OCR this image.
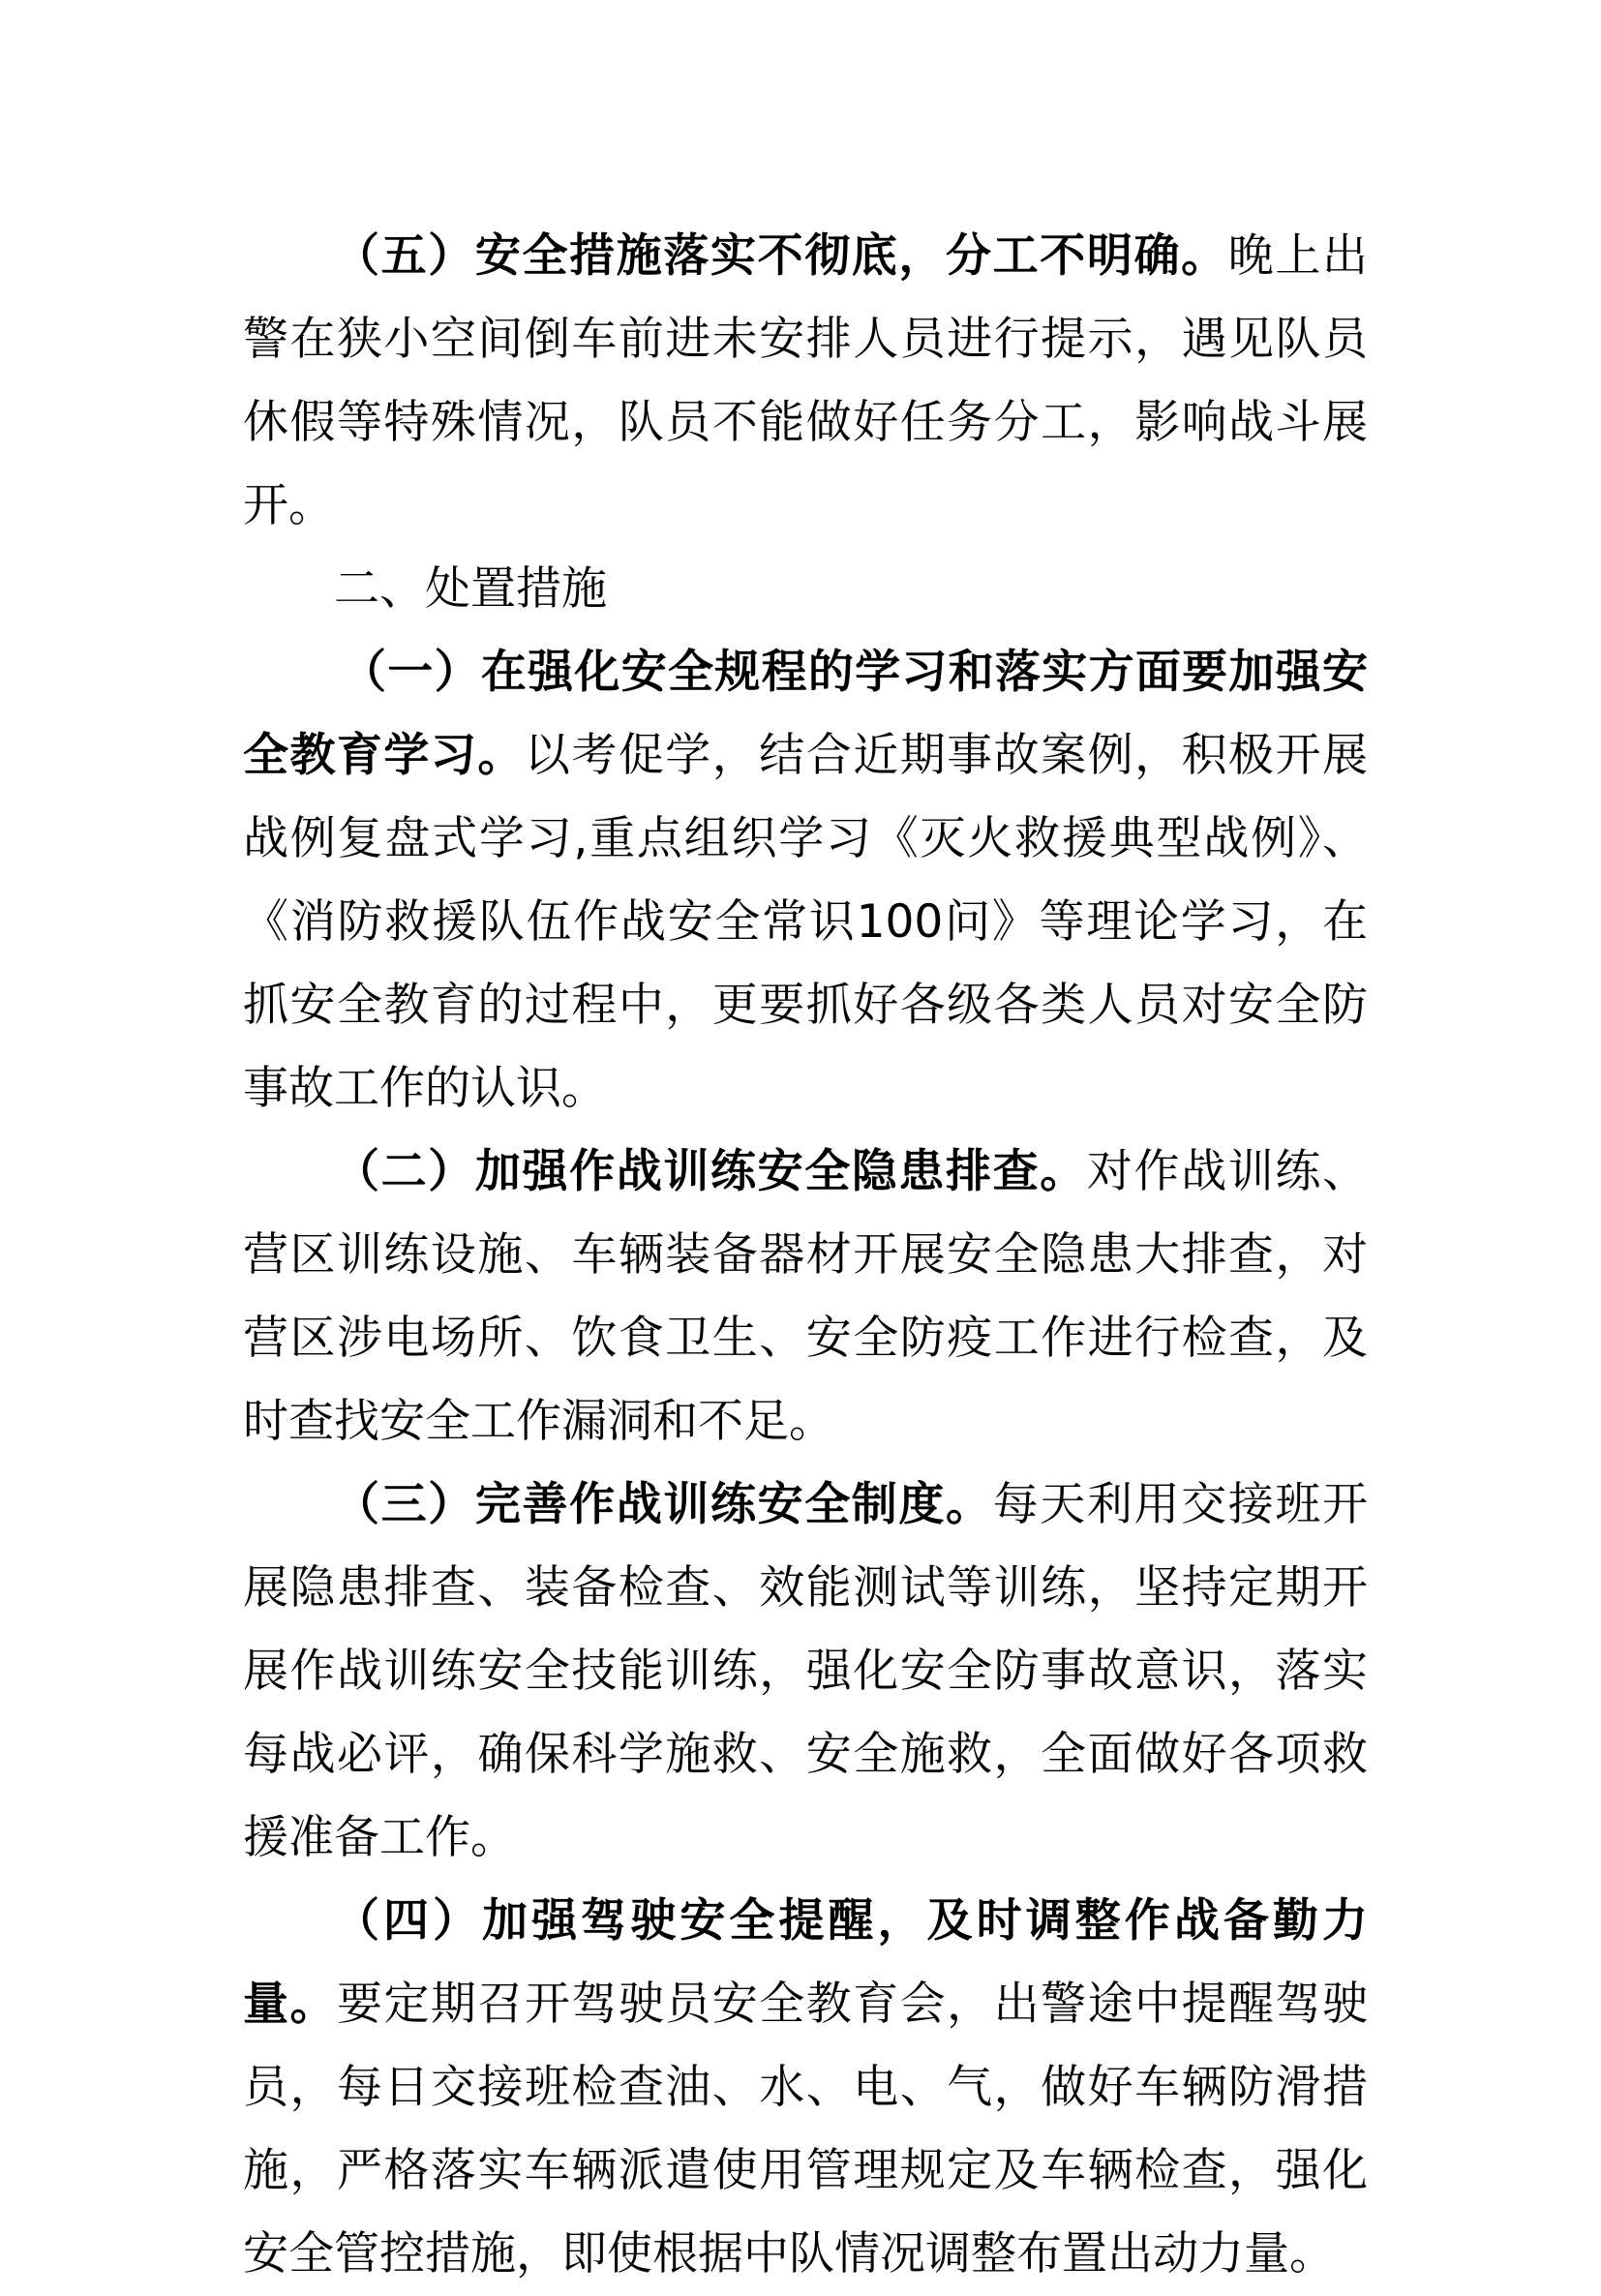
（五）安全措施落实不彻底，分工不明确。晚上出警在狭小空间倒车前进未安排人员进行提示，遇见队员休假等特殊情况，队员不能做好任务分工，影响战斗展开。

二、处置措施

（一）在强化安全规程的学习和落实方面要加强安全教育学习。以考促学，结合近期事故案例，积极开展战例复盘式学习,重点组织学习《灭火救援典型战例》、《消防救援队伍作战安全常识100问》等理论学习，在抓安全教育的过程中，更要抓好各级各类人员对安全防事故工作的认识。

（二）加强作战训练安全隐患排查。对作战训练、营区训练设施、车辆装备器材开展安全隐患大排查，对营区涉电场所、饮食卫生、安全防疫工作进行检查，及时查找安全工作漏洞和不足。

（三）完善作战训练安全制度。每天利用交接班开展隐患排查、装备检查、效能测试等训练，坚持定期开展作战训练安全技能训练，强化安全防事故意识，落实每战必评，确保科学施救、安全施救，全面做好各项救援准备工作。

（四）加强驾驶安全提醒，及时调整作战备勤力量。要定期召开驾驶员安全教育会，出警途中提醒驾驶员，每日交接班检查油、水、电、气，做好车辆防滑措施，严格落实车辆派遣使用管理规定及车辆检查，强化安全管控措施，即使根据中队情况调整布置出动力量。
